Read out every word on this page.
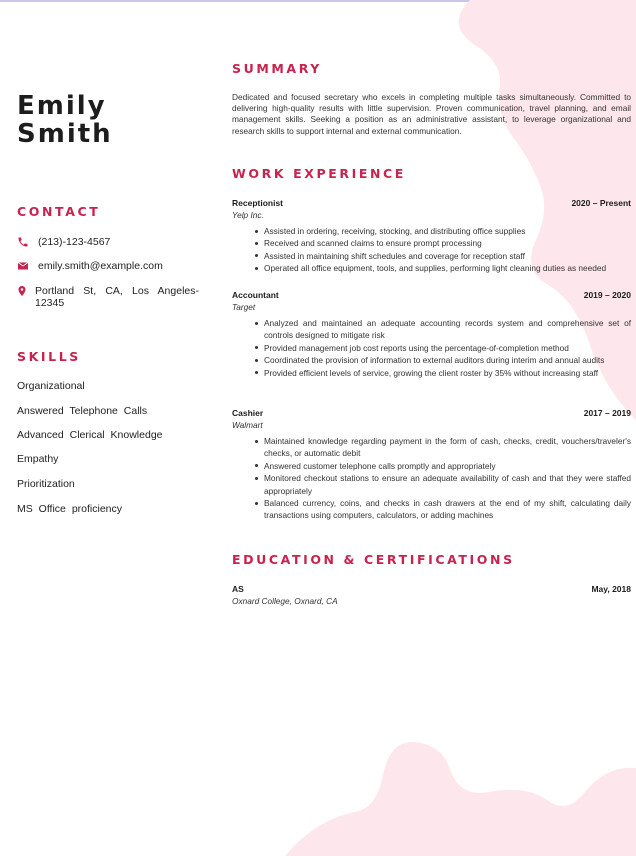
Emily
Smith
CONTACT
(213)-123-4567
emily.smith@example.com
Portland St, CA, Los Angeles-
12345
SKILLS
Organizational
Answered Telephone Calls
Advanced Clerical Knowledge
Empathy
Prioritization
MS Office proficiency
SUMMARY
Dedicated and focused secretary who excels in completing multiple tasks simultaneously. Committed to delivering high-quality results with little supervision. Proven communication, travel planning, and email management skills. Seeking a position as an administrative assistant, to leverage organizational and research skills to support internal and external communication.
WORK EXPERIENCE
Receptionist	2020 – Present
Yelp Inc.
Assisted in ordering, receiving, stocking, and distributing office supplies
Received and scanned claims to ensure prompt processing
Assisted in maintaining shift schedules and coverage for reception staff
Operated all office equipment, tools, and supplies, performing light cleaning duties as needed
Accountant	2019 – 2020
Target
Analyzed and maintained an adequate accounting records system and comprehensive set of controls designed to mitigate risk
Provided management job cost reports using the percentage-of-completion method
Coordinated the provision of information to external auditors during interim and annual audits
Provided efficient levels of service, growing the client roster by 35% without increasing staff
Cashier	2017 – 2019
Walmart
Maintained knowledge regarding payment in the form of cash, checks, credit, vouchers/traveler's checks, or automatic debit
Answered customer telephone calls promptly and appropriately
Monitored checkout stations to ensure an adequate availability of cash and that they were staffed appropriately
Balanced currency, coins, and checks in cash drawers at the end of my shift, calculating daily transactions using computers, calculators, or adding machines
EDUCATION & CERTIFICATIONS
AS	May, 2018
Oxnard College, Oxnard, CA
